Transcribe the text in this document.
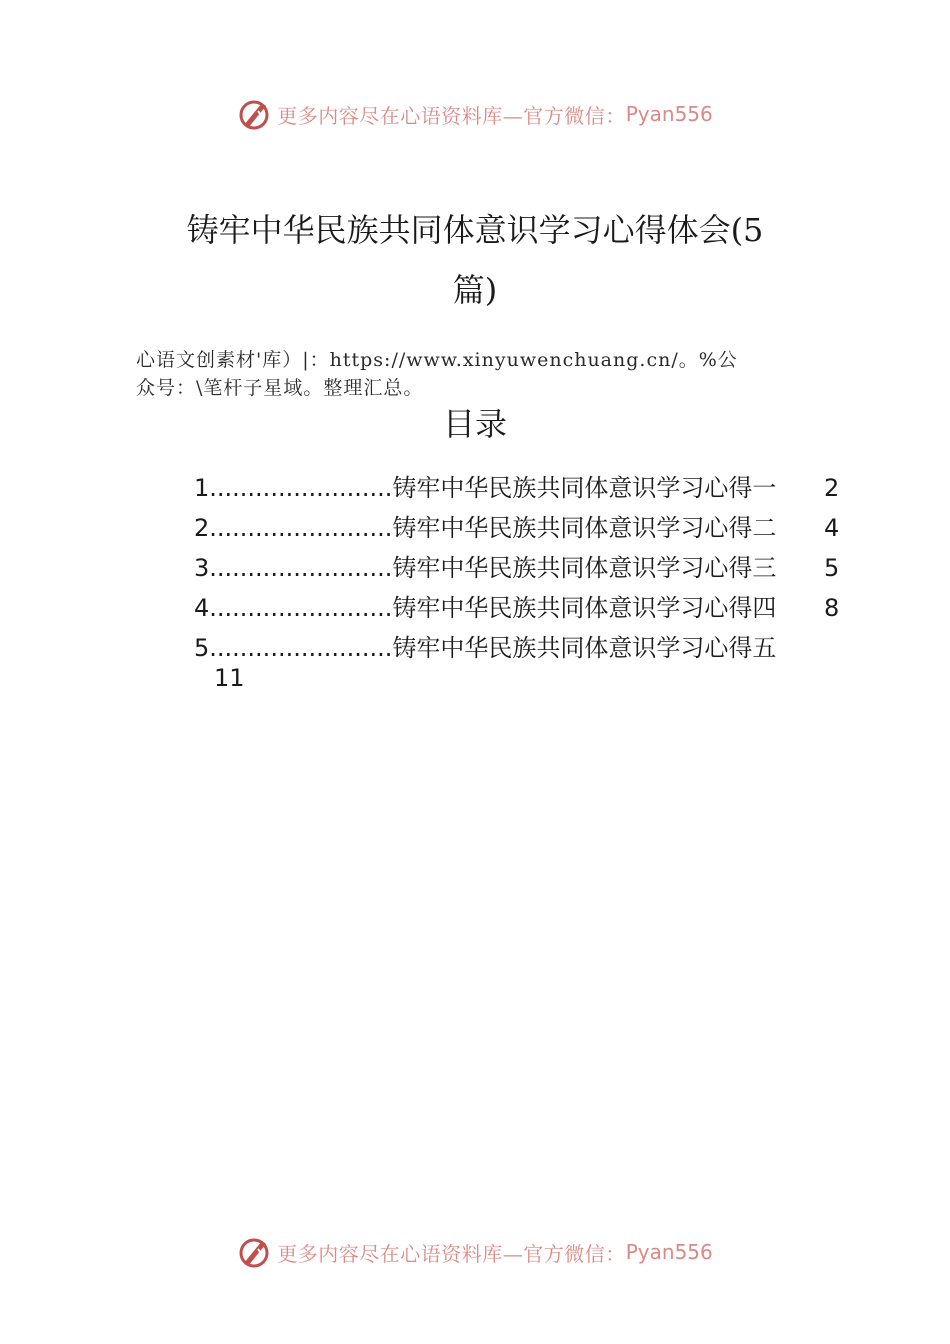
更多内容尽在心语资料库—官方微信： Pyan556
铸牢中华民族共同体意识学习心得体会(5
篇)
心语文创素材'库）|：https://www.xinyuwenchuang.cn/。%公
众号：\笔杆子星域。整理汇总。
目录
1........................铸牢中华民族共同体意识学习心得一 2
2........................铸牢中华民族共同体意识学习心得二 4
3........................铸牢中华民族共同体意识学习心得三 5
4........................铸牢中华民族共同体意识学习心得四 8
5........................铸牢中华民族共同体意识学习心得五
11
更多内容尽在心语资料库—官方微信： Pyan556
